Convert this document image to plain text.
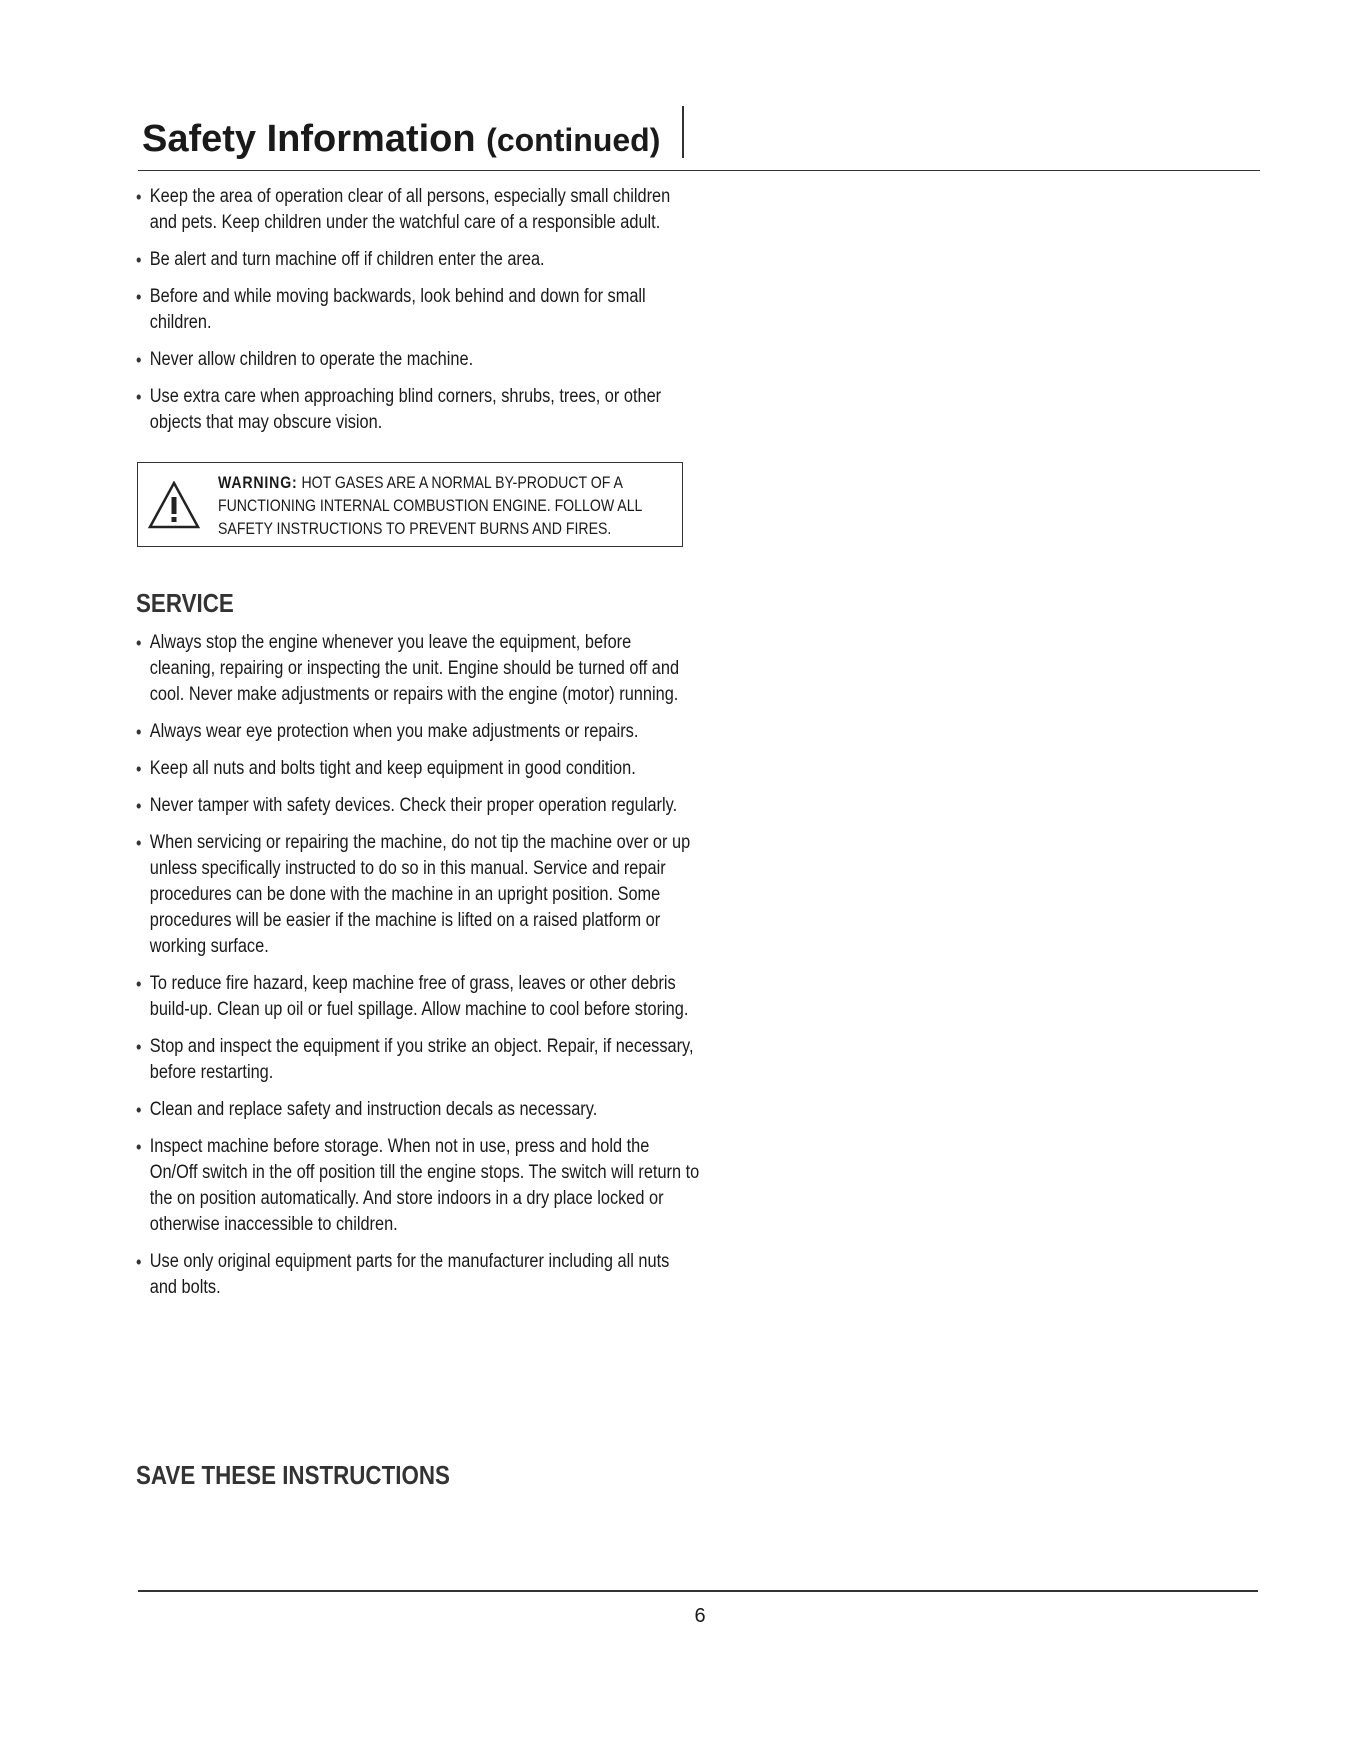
Safety Information (continued)
• Keep the area of operation clear of all persons, especially small children and pets. Keep children under the watchful care of a responsible adult.
• Be alert and turn machine off if children enter the area.
• Before and while moving backwards, look behind and down for small children.
• Never allow children to operate the machine.
• Use extra care when approaching blind corners, shrubs, trees, or other objects that may obscure vision.
WARNING: HOT GASES ARE A NORMAL BY-PRODUCT OF A FUNCTIONING INTERNAL COMBUSTION ENGINE. FOLLOW ALL SAFETY INSTRUCTIONS TO PREVENT BURNS AND FIRES.
SERVICE
• Always stop the engine whenever you leave the equipment, before cleaning, repairing or inspecting the unit. Engine should be turned off and cool. Never make adjustments or repairs with the engine (motor) running.
• Always wear eye protection when you make adjustments or repairs.
• Keep all nuts and bolts tight and keep equipment in good condition.
• Never tamper with safety devices. Check their proper operation regularly.
• When servicing or repairing the machine, do not tip the machine over or up unless specifically instructed to do so in this manual. Service and repair procedures can be done with the machine in an upright position. Some procedures will be easier if the machine is lifted on a raised platform or working surface.
• To reduce fire hazard, keep machine free of grass, leaves or other debris build-up. Clean up oil or fuel spillage. Allow machine to cool before storing.
• Stop and inspect the equipment if you strike an object. Repair, if necessary, before restarting.
• Clean and replace safety and instruction decals as necessary.
• Inspect machine before storage. When not in use, press and hold the On/Off switch in the off position till the engine stops. The switch will return to the on position automatically. And store indoors in a dry place locked or otherwise inaccessible to children.
• Use only original equipment parts for the manufacturer including all nuts and bolts.
SAVE THESE INSTRUCTIONS
6
